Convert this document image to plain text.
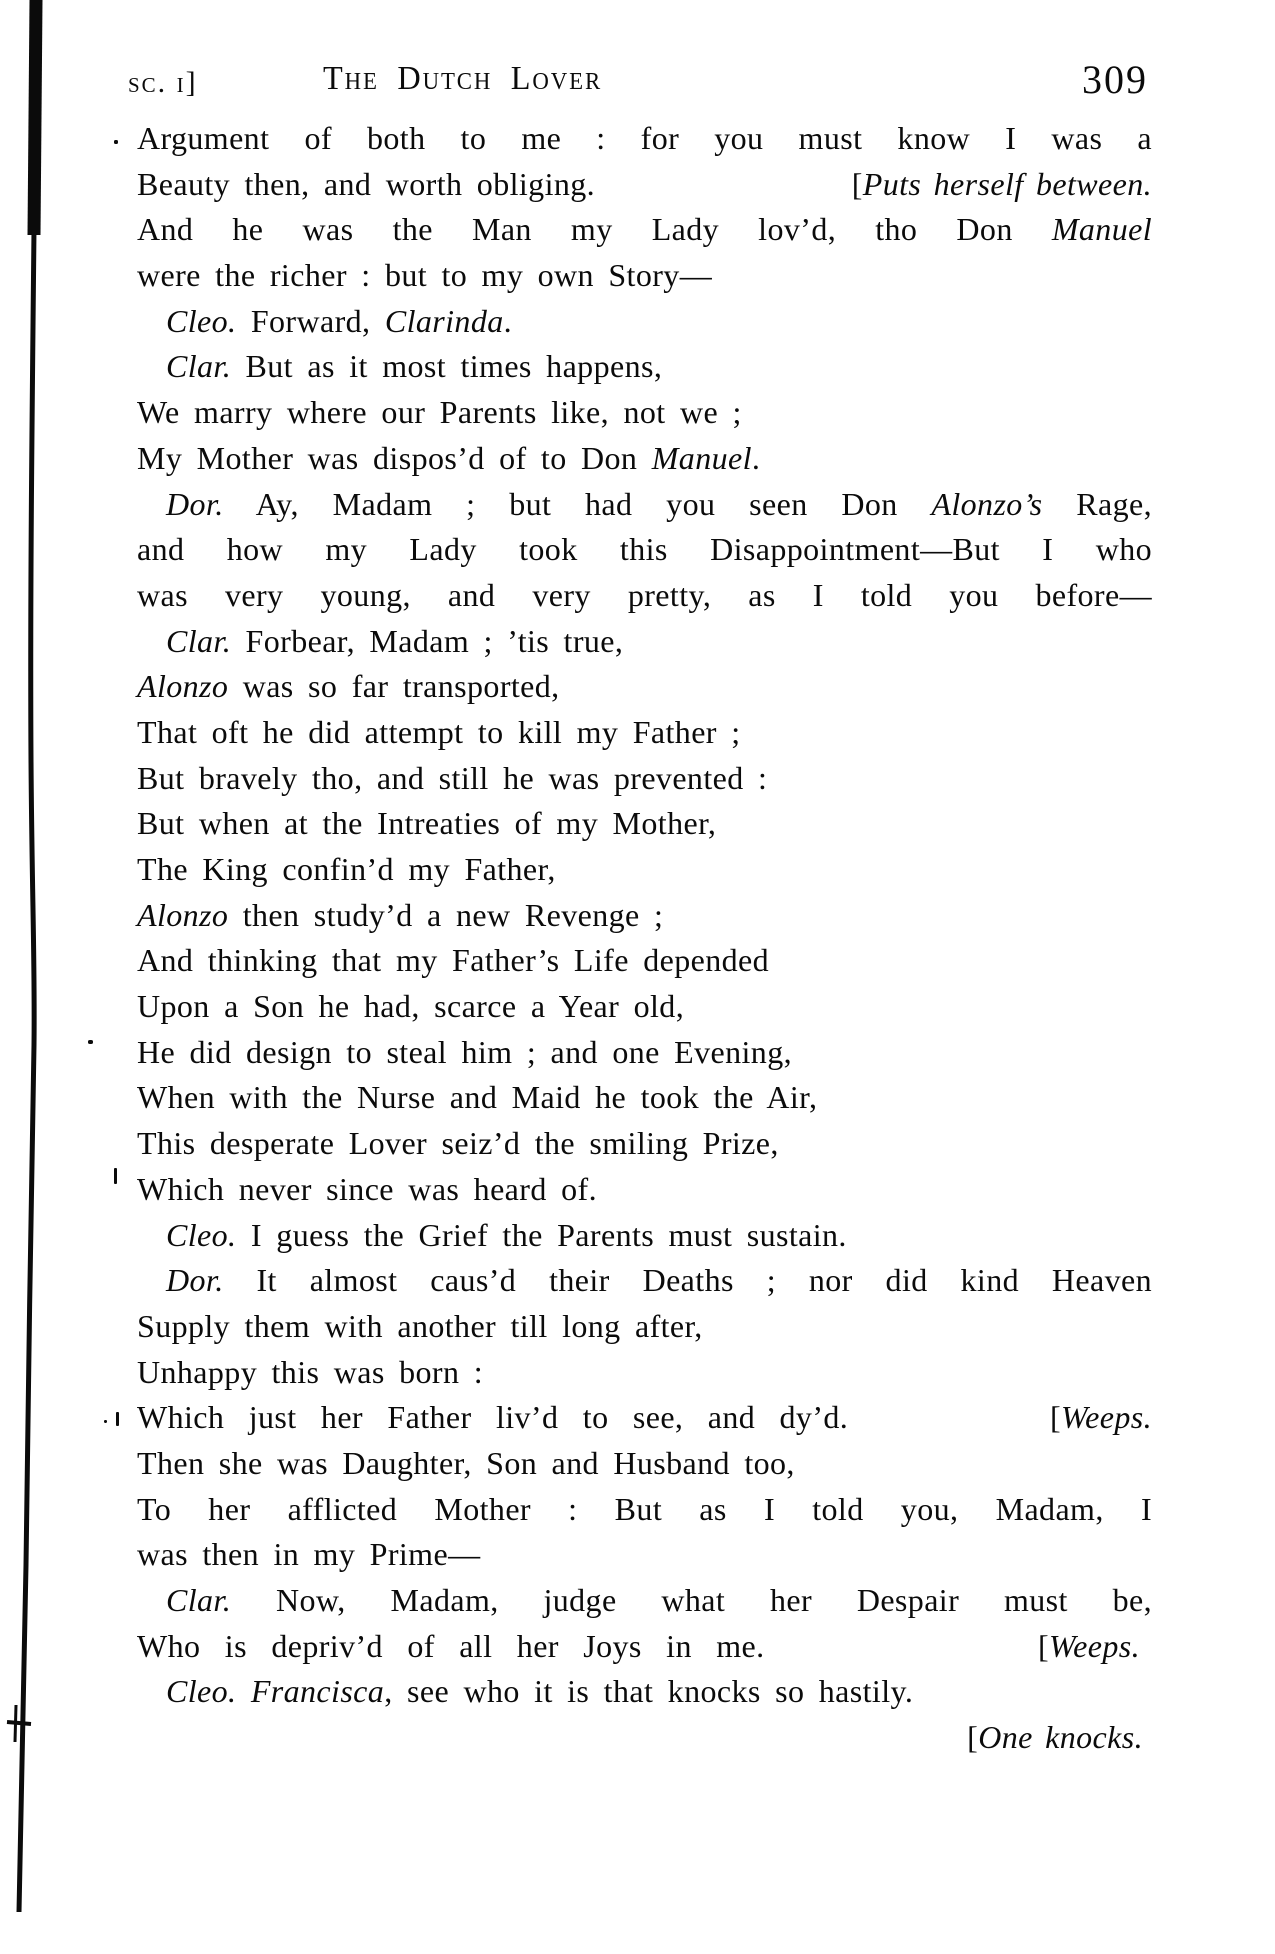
sc. i]	The Dutch Lover	309
Argument of both to me : for you must know I was a
Beauty then, and worth obliging.	[Puts herself between.
And he was the Man my Lady lov’d, tho Don Manuel
were the richer : but to my own Story—
Cleo. Forward, Clarinda.
Clar. But as it most times happens,
We marry where our Parents like, not we ;
My Mother was dispos’d of to Don Manuel.
Dor. Ay, Madam ; but had you seen Don Alonzo’s Rage,
and how my Lady took this Disappointment—But I who
was very young, and very pretty, as I told you before—
Clar. Forbear, Madam ; ’tis true,
Alonzo was so far transported,
That oft he did attempt to kill my Father ;
But bravely tho, and still he was prevented :
But when at the Intreaties of my Mother,
The King confin’d my Father,
Alonzo then study’d a new Revenge ;
And thinking that my Father’s Life depended
Upon a Son he had, scarce a Year old,
He did design to steal him ; and one Evening,
When with the Nurse and Maid he took the Air,
This desperate Lover seiz’d the smiling Prize,
Which never since was heard of.
Cleo. I guess the Grief the Parents must sustain.
Dor. It almost caus’d their Deaths ; nor did kind Heaven
Supply them with another till long after,
Unhappy this was born :
Which just her Father liv’d to see, and dy’d.	[Weeps.
Then she was Daughter, Son and Husband too,
To her afflicted Mother : But as I told you, Madam, I
was then in my Prime—
Clar. Now, Madam, judge what her Despair must be,
Who is depriv’d of all her Joys in me.	[Weeps.
Cleo. Francisca, see who it is that knocks so hastily.
[One knocks.
